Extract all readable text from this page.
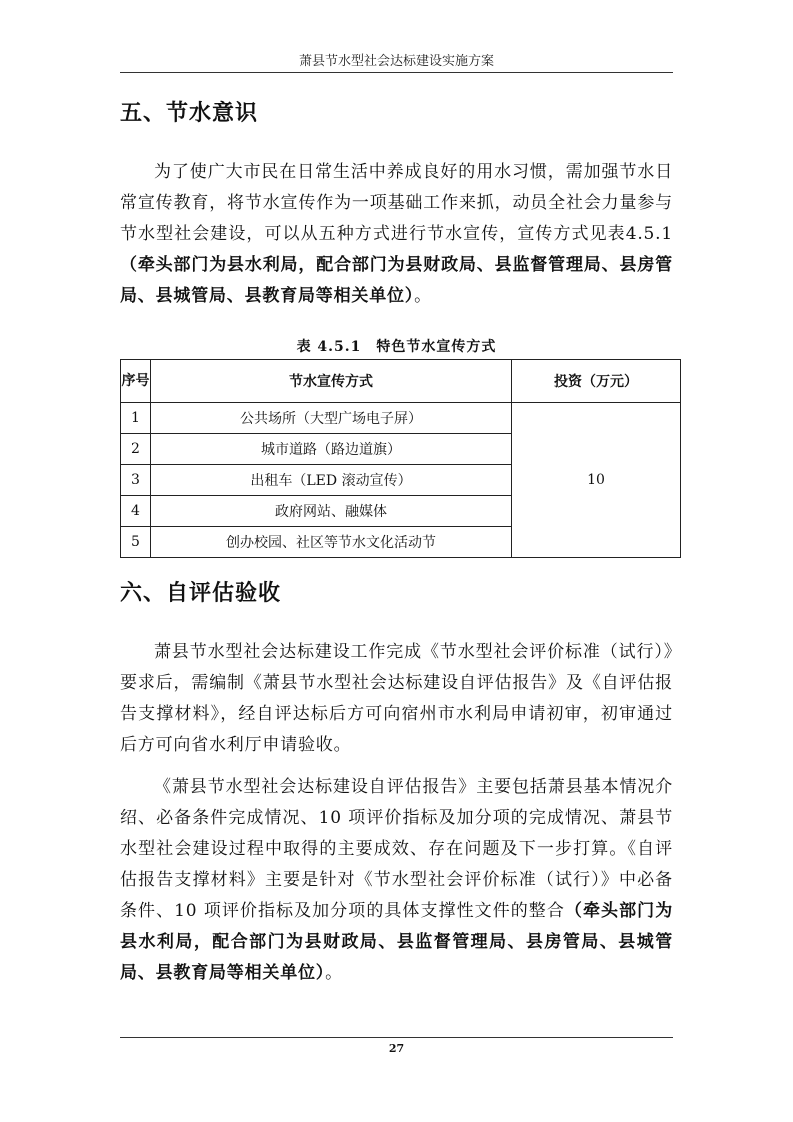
萧县节水型社会达标建设实施方案
五、节水意识

为了使广大市民在日常生活中养成良好的用水习惯，需加强节水日常宣传教育，将节水宣传作为一项基础工作来抓，动员全社会力量参与节水型社会建设，可以从五种方式进行节水宣传，宣传方式见表4.5.1（牵头部门为县水利局，配合部门为县财政局、县监督管理局、县房管局、县城管局、县教育局等相关单位）。

表 4.5.1　特色节水宣传方式
序号	节水宣传方式	投资（万元）
1	公共场所（大型广场电子屏）	10
2	城市道路（路边道旗）	
3	出租车（LED 滚动宣传）	
4	政府网站、融媒体	
5	创办校园、社区等节水文化活动节	
六、自评估验收

萧县节水型社会达标建设工作完成《节水型社会评价标准（试行）》要求后，需编制《萧县节水型社会达标建设自评估报告》及《自评估报告支撑材料》，经自评达标后方可向宿州市水利局申请初审，初审通过后方可向省水利厅申请验收。

《萧县节水型社会达标建设自评估报告》主要包括萧县基本情况介绍、必备条件完成情况、10 项评价指标及加分项的完成情况、萧县节水型社会建设过程中取得的主要成效、存在问题及下一步打算。《自评估报告支撑材料》主要是针对《节水型社会评价标准（试行）》中必备条件、10 项评价指标及加分项的具体支撑性文件的整合（牵头部门为县水利局，配合部门为县财政局、县监督管理局、县房管局、县城管局、县教育局等相关单位）。

27
